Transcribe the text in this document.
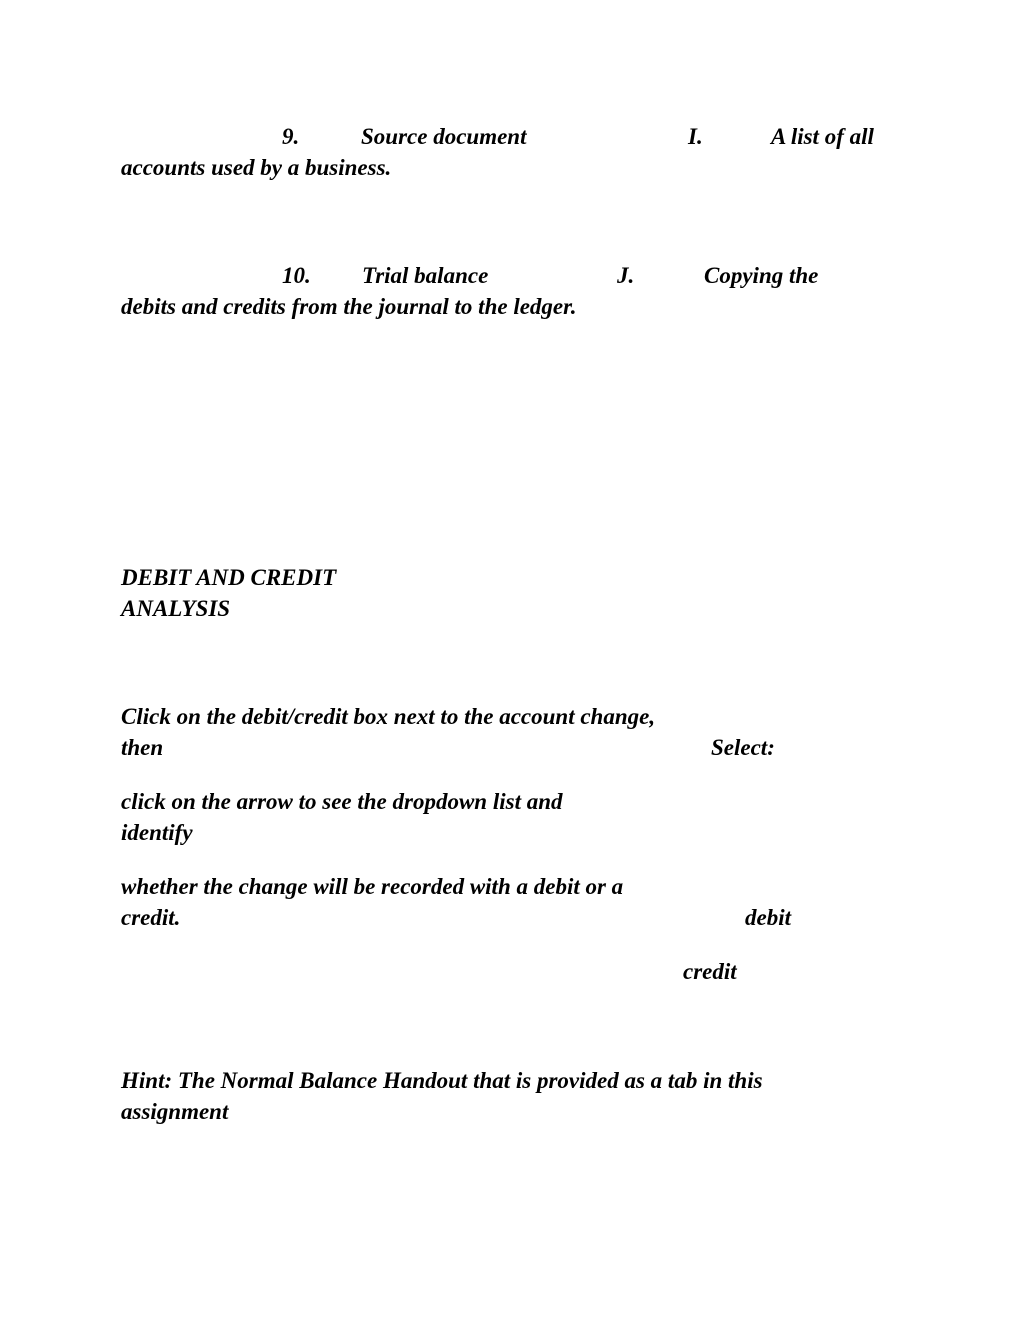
9.	Source document	I.	A list of all
accounts used by a business.
10. Trial balance	J.	Copying the
debits and credits from the journal to the ledger.
DEBIT AND CREDIT
ANALYSIS
Click on the debit/credit box next to the account change,
then	Select:
click on the arrow to see the dropdown list and
identify
whether the change will be recorded with a debit or a
credit.	debit
credit
Hint: The Normal Balance Handout that is provided as a tab in this
assignment
